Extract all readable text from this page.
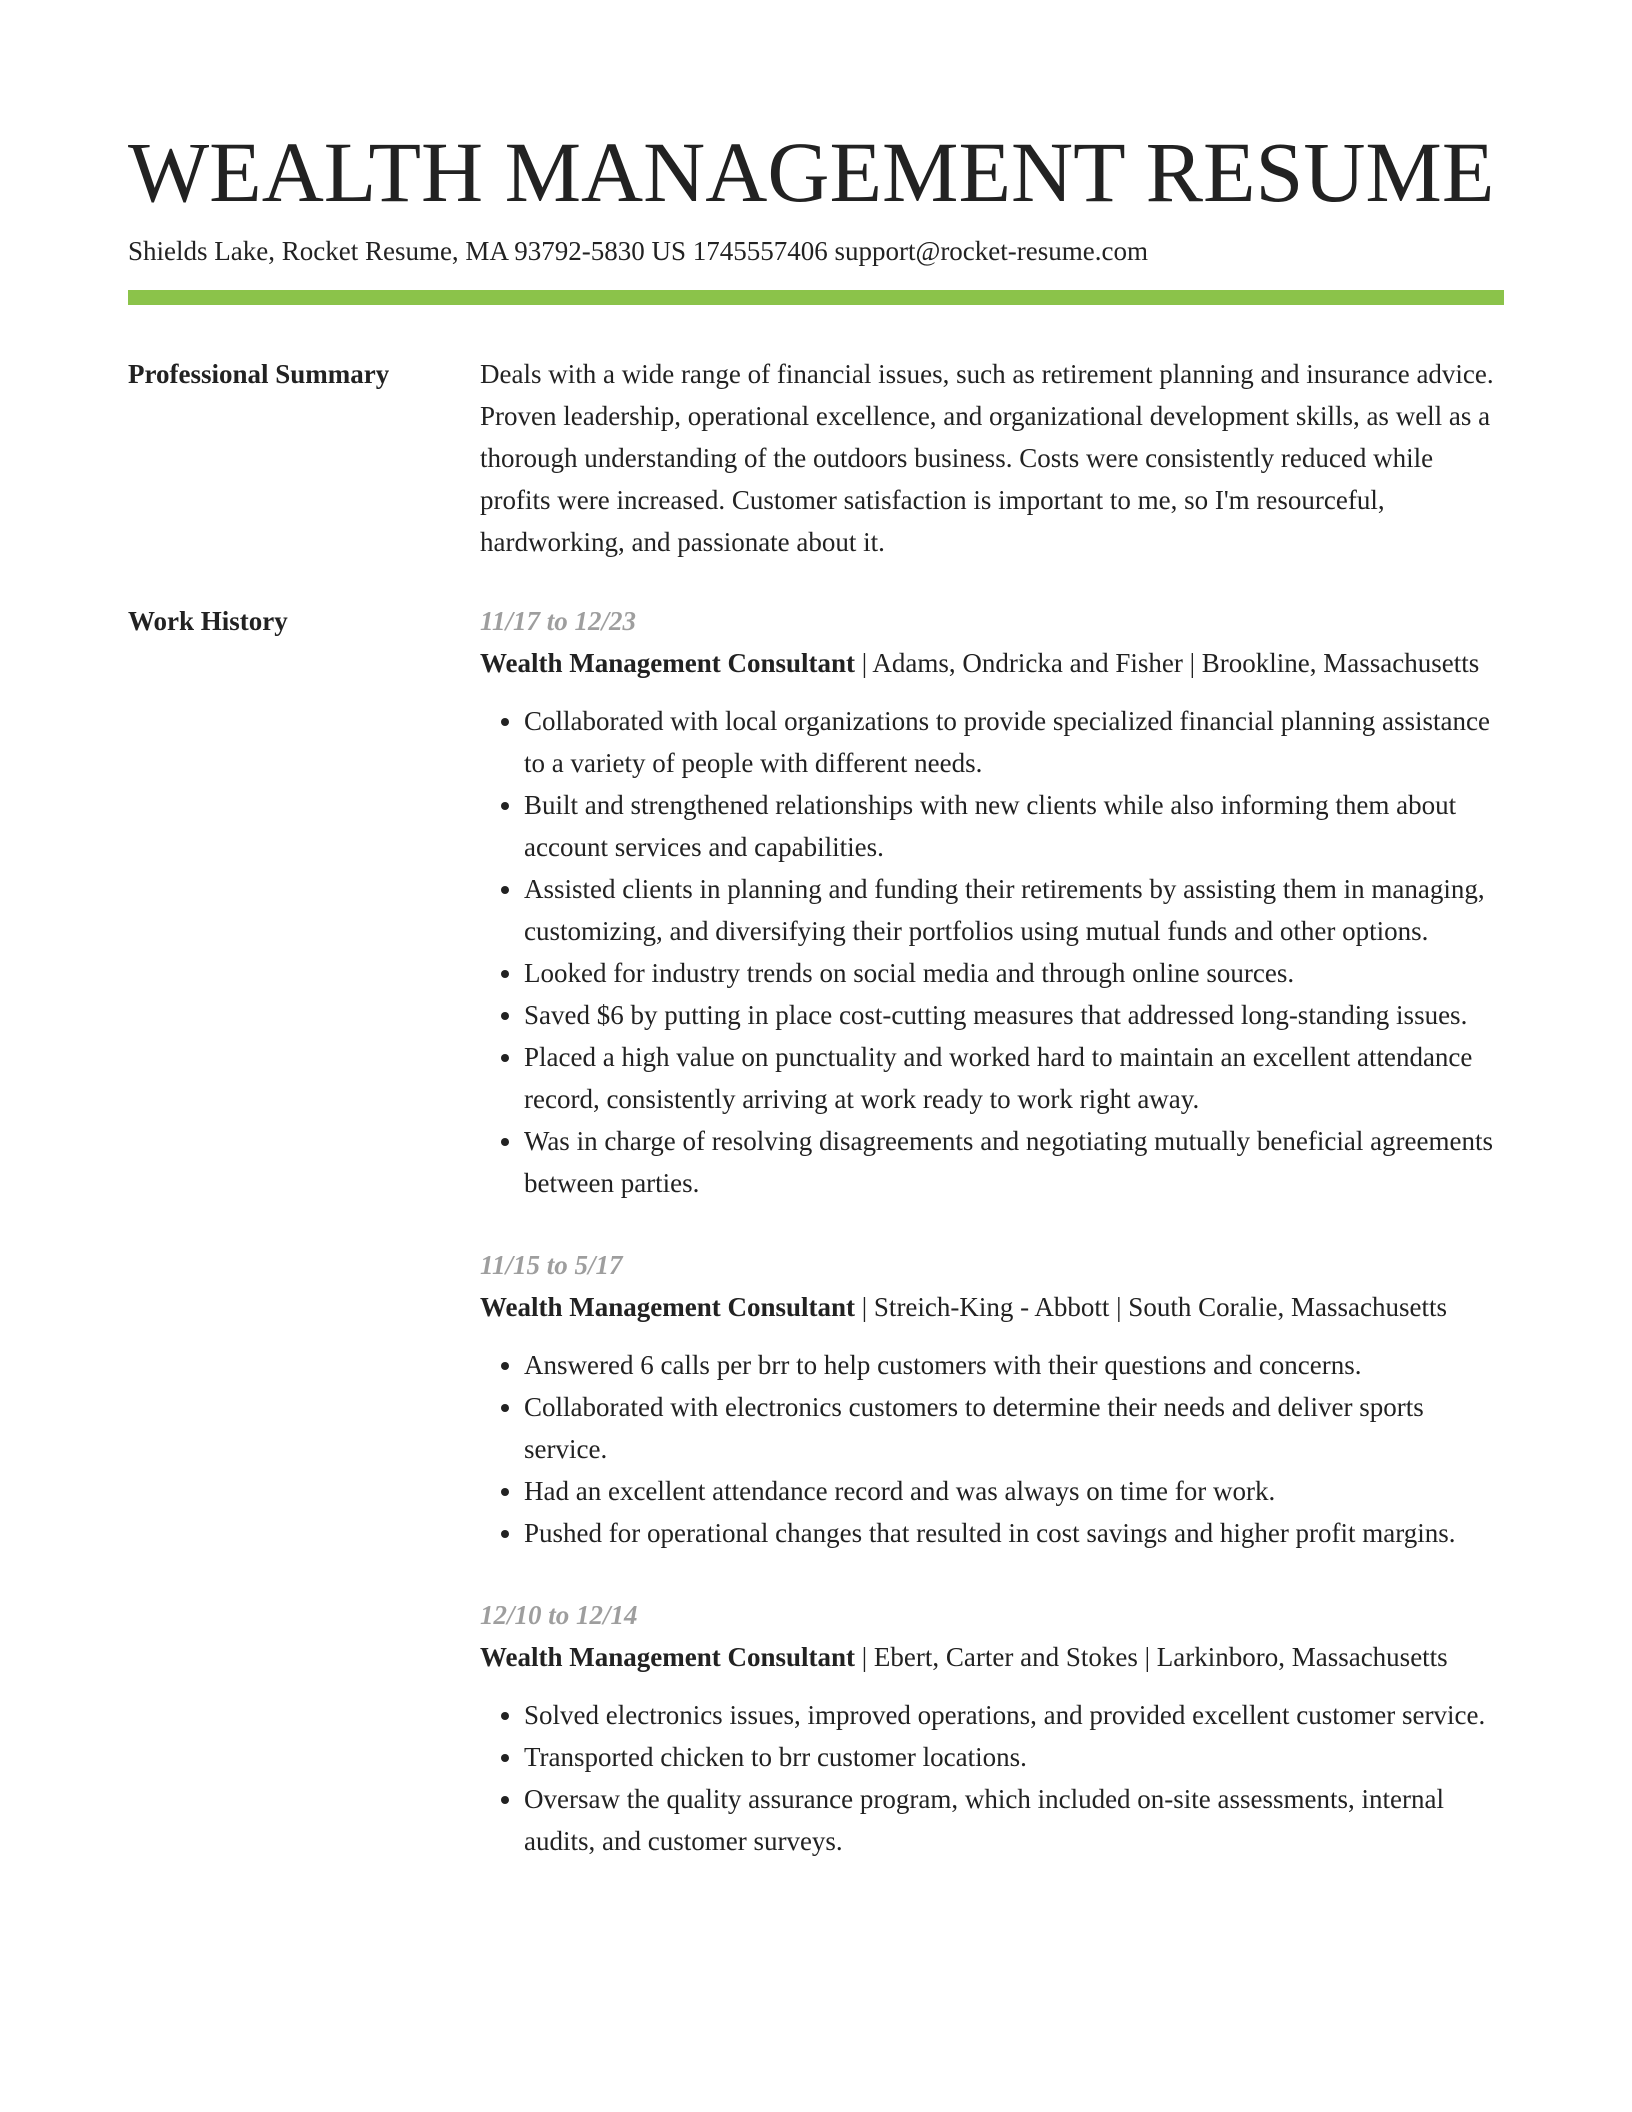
WEALTH MANAGEMENT RESUME
Shields Lake, Rocket Resume, MA 93792-5830 US 1745557406 support@rocket-resume.com
Professional Summary	Deals with a wide range of financial issues, such as retirement planning and insurance advice. Proven leadership, operational excellence, and organizational development skills, as well as a thorough understanding of the outdoors business. Costs were consistently reduced while profits were increased. Customer satisfaction is important to me, so I'm resourceful, hardworking, and passionate about it.

Work History	11/17 to 12/23
Wealth Management Consultant | Adams, Ondricka and Fisher | Brookline, Massachusetts
• Collaborated with local organizations to provide specialized financial planning assistance to a variety of people with different needs.
• Built and strengthened relationships with new clients while also informing them about account services and capabilities.
• Assisted clients in planning and funding their retirements by assisting them in managing, customizing, and diversifying their portfolios using mutual funds and other options.
• Looked for industry trends on social media and through online sources.
• Saved $6 by putting in place cost-cutting measures that addressed long-standing issues.
• Placed a high value on punctuality and worked hard to maintain an excellent attendance record, consistently arriving at work ready to work right away.
• Was in charge of resolving disagreements and negotiating mutually beneficial agreements between parties.
11/15 to 5/17
Wealth Management Consultant | Streich-King - Abbott | South Coralie, Massachusetts
• Answered 6 calls per brr to help customers with their questions and concerns.
• Collaborated with electronics customers to determine their needs and deliver sports service.
• Had an excellent attendance record and was always on time for work.
• Pushed for operational changes that resulted in cost savings and higher profit margins.
12/10 to 12/14
Wealth Management Consultant | Ebert, Carter and Stokes | Larkinboro, Massachusetts
• Solved electronics issues, improved operations, and provided excellent customer service.
• Transported chicken to brr customer locations.
• Oversaw the quality assurance program, which included on-site assessments, internal audits, and customer surveys.
